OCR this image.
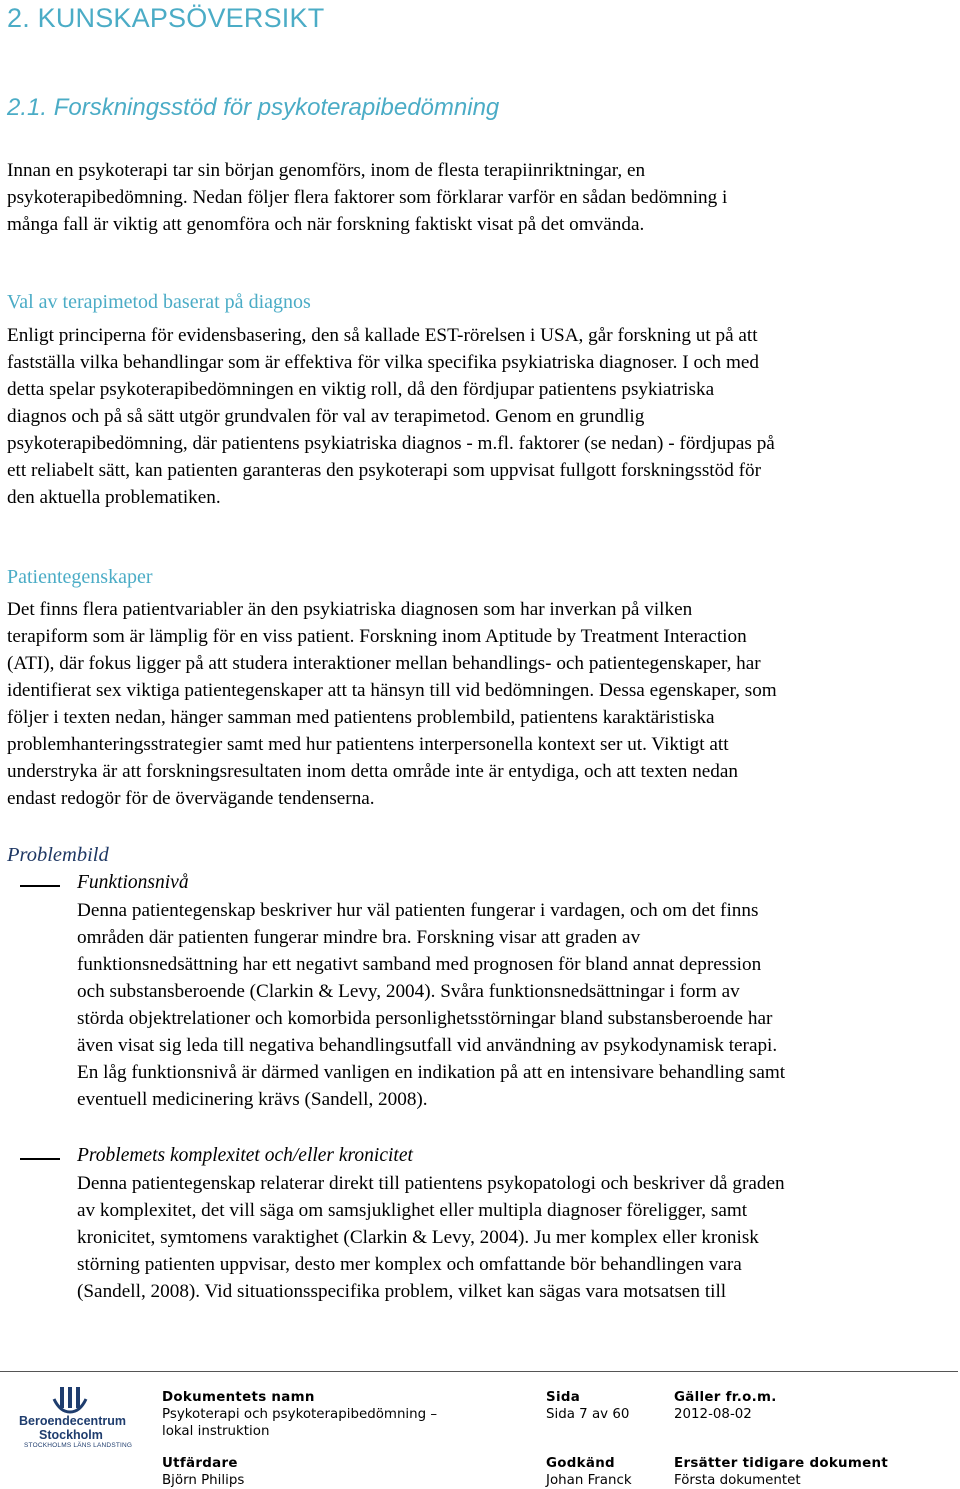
2. KUNSKAPSÖVERSIKT
2.1. Forskningsstöd för psykoterapibedömning
Innan en psykoterapi tar sin början genomförs, inom de flesta terapiinriktningar, en
psykoterapibedömning. Nedan följer flera faktorer som förklarar varför en sådan bedömning i
många fall är viktig att genomföra och när forskning faktiskt visat på det omvända.
Val av terapimetod baserat på diagnos
Enligt principerna för evidensbasering, den så kallade EST-rörelsen i USA, går forskning ut på att
fastställa vilka behandlingar som är effektiva för vilka specifika psykiatriska diagnoser. I och med
detta spelar psykoterapibedömningen en viktig roll, då den fördjupar patientens psykiatriska
diagnos och på så sätt utgör grundvalen för val av terapimetod. Genom en grundlig
psykoterapibedömning, där patientens psykiatriska diagnos - m.fl. faktorer (se nedan) - fördjupas på
ett reliabelt sätt, kan patienten garanteras den psykoterapi som uppvisat fullgott forskningsstöd för
den aktuella problematiken.
Patientegenskaper
Det finns flera patientvariabler än den psykiatriska diagnosen som har inverkan på vilken
terapiform som är lämplig för en viss patient. Forskning inom Aptitude by Treatment Interaction
(ATI), där fokus ligger på att studera interaktioner mellan behandlings- och patientegenskaper, har
identifierat sex viktiga patientegenskaper att ta hänsyn till vid bedömningen. Dessa egenskaper, som
följer i texten nedan, hänger samman med patientens problembild, patientens karaktäristiska
problemhanteringsstrategier samt med hur patientens interpersonella kontext ser ut. Viktigt att
understryka är att forskningsresultaten inom detta område inte är entydiga, och att texten nedan
endast redogör för de övervägande tendenserna.
Problembild
Funktionsnivå
Denna patientegenskap beskriver hur väl patienten fungerar i vardagen, och om det finns
områden där patienten fungerar mindre bra. Forskning visar att graden av
funktionsnedsättning har ett negativt samband med prognosen för bland annat depression
och substansberoende (Clarkin & Levy, 2004). Svåra funktionsnedsättningar i form av
störda objektrelationer och komorbida personlighetsstörningar bland substansberoende har
även visat sig leda till negativa behandlingsutfall vid användning av psykodynamisk terapi.
En låg funktionsnivå är därmed vanligen en indikation på att en intensivare behandling samt
eventuell medicinering krävs (Sandell, 2008).
Problemets komplexitet och/eller kronicitet
Denna patientegenskap relaterar direkt till patientens psykopatologi och beskriver då graden
av komplexitet, det vill säga om samsjuklighet eller multipla diagnoser föreligger, samt
kronicitet, symtomens varaktighet (Clarkin & Levy, 2004). Ju mer komplex eller kronisk
störning patienten uppvisar, desto mer komplex och omfattande bör behandlingen vara
(Sandell, 2008). Vid situationsspecifika problem, vilket kan sägas vara motsatsen till
Beroendecentrum
Stockholm
STOCKHOLMS LÄNS LANDSTING
Dokumentets namn
Psykoterapi och psykoterapibedömning –
lokal instruktion
Sida
Sida 7 av 60
Gäller fr.o.m.
2012-08-02
Utfärdare
Björn Philips
Godkänd
Johan Franck
Ersätter tidigare dokument
Första dokumentet
